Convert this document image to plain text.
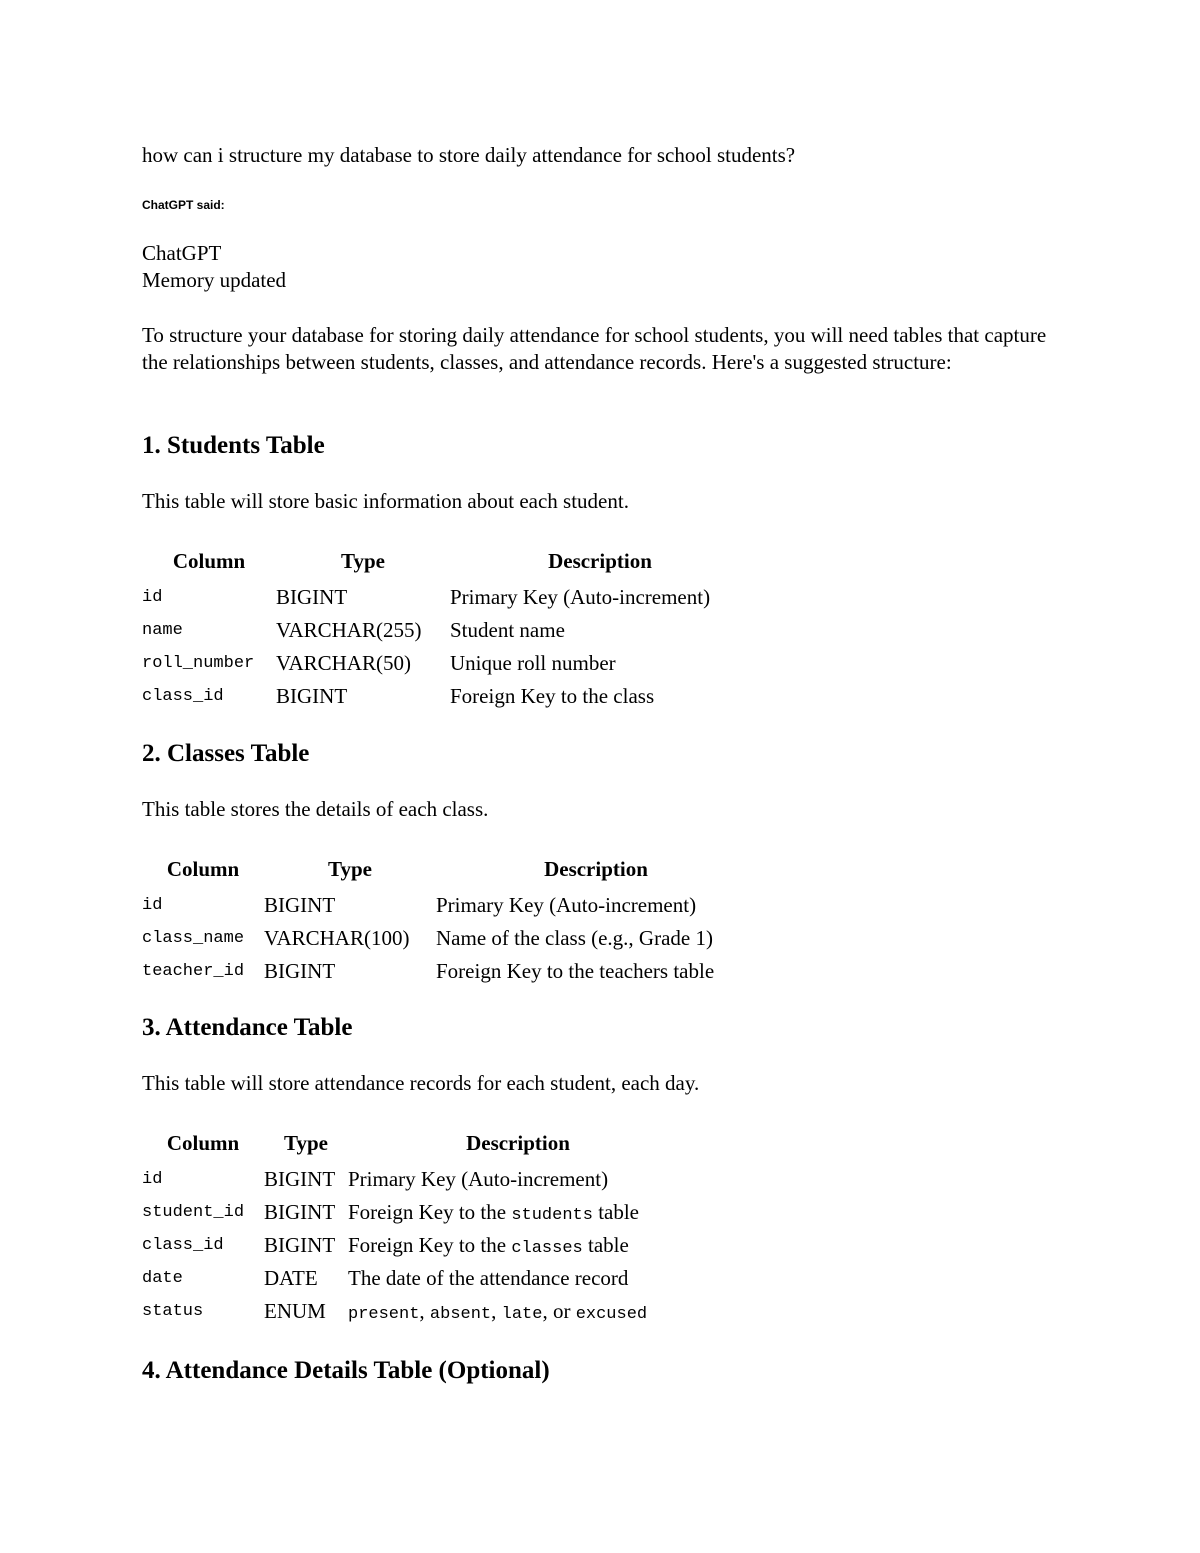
how can i structure my database to store daily attendance for school students?
ChatGPT said:
ChatGPT
Memory updated
To structure your database for storing daily attendance for school students, you will need tables that capture the relationships between students, classes, and attendance records. Here's a suggested structure:
1. Students Table
This table will store basic information about each student.
Column	Type	Description
id	BIGINT	Primary Key (Auto-increment)
name	VARCHAR(255)	Student name
roll_number	VARCHAR(50)	Unique roll number
class_id	BIGINT	Foreign Key to the class
2. Classes Table
This table stores the details of each class.
Column	Type	Description
id	BIGINT	Primary Key (Auto-increment)
class_name	VARCHAR(100)	Name of the class (e.g., Grade 1)
teacher_id	BIGINT	Foreign Key to the teachers table
3. Attendance Table
This table will store attendance records for each student, each day.
Column	Type	Description
id	BIGINT	Primary Key (Auto-increment)
student_id	BIGINT	Foreign Key to the students table
class_id	BIGINT	Foreign Key to the classes table
date	DATE	The date of the attendance record
status	ENUM	present, absent, late, or excused
4. Attendance Details Table (Optional)
